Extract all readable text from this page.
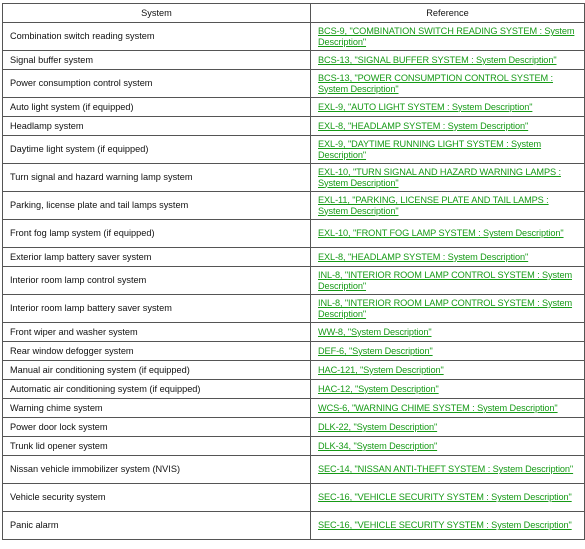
System	Reference
Combination switch reading system	BCS-9, "COMBINATION SWITCH READING SYSTEM : System Description"
Signal buffer system	BCS-13, "SIGNAL BUFFER SYSTEM : System Description"
Power consumption control system	BCS-13, "POWER CONSUMPTION CONTROL SYSTEM : System Description"
Auto light system (if equipped)	EXL-9, "AUTO LIGHT SYSTEM : System Description"
Headlamp system	EXL-8, "HEADLAMP SYSTEM : System Description"
Daytime light system (if equipped)	EXL-9, "DAYTIME RUNNING LIGHT SYSTEM : System Description"
Turn signal and hazard warning lamp system	EXL-10, "TURN SIGNAL AND HAZARD WARNING LAMPS : System Description"
Parking, license plate and tail lamps system	EXL-11, "PARKING, LICENSE PLATE AND TAIL LAMPS : System Description"
Front fog lamp system (if equipped)	EXL-10, "FRONT FOG LAMP SYSTEM : System Description"
Exterior lamp battery saver system	EXL-8, "HEADLAMP SYSTEM : System Description"
Interior room lamp control system	INL-8, "INTERIOR ROOM LAMP CONTROL SYSTEM : System Description"
Interior room lamp battery saver system	INL-8, "INTERIOR ROOM LAMP CONTROL SYSTEM : System Description"
Front wiper and washer system	WW-8, "System Description"
Rear window defogger system	DEF-6, "System Description"
Manual air conditioning system (if equipped)	HAC-121, "System Description"
Automatic air conditioning system (if equipped)	HAC-12, "System Description"
Warning chime system	WCS-6, "WARNING CHIME SYSTEM : System Description"
Power door lock system	DLK-22, "System Description"
Trunk lid opener system	DLK-34, "System Description"
Nissan vehicle immobilizer system (NVIS)	SEC-14, "NISSAN ANTI-THEFT SYSTEM : System Description"
Vehicle security system	SEC-16, "VEHICLE SECURITY SYSTEM : System Description"
Panic alarm	SEC-16, "VEHICLE SECURITY SYSTEM : System Description"
